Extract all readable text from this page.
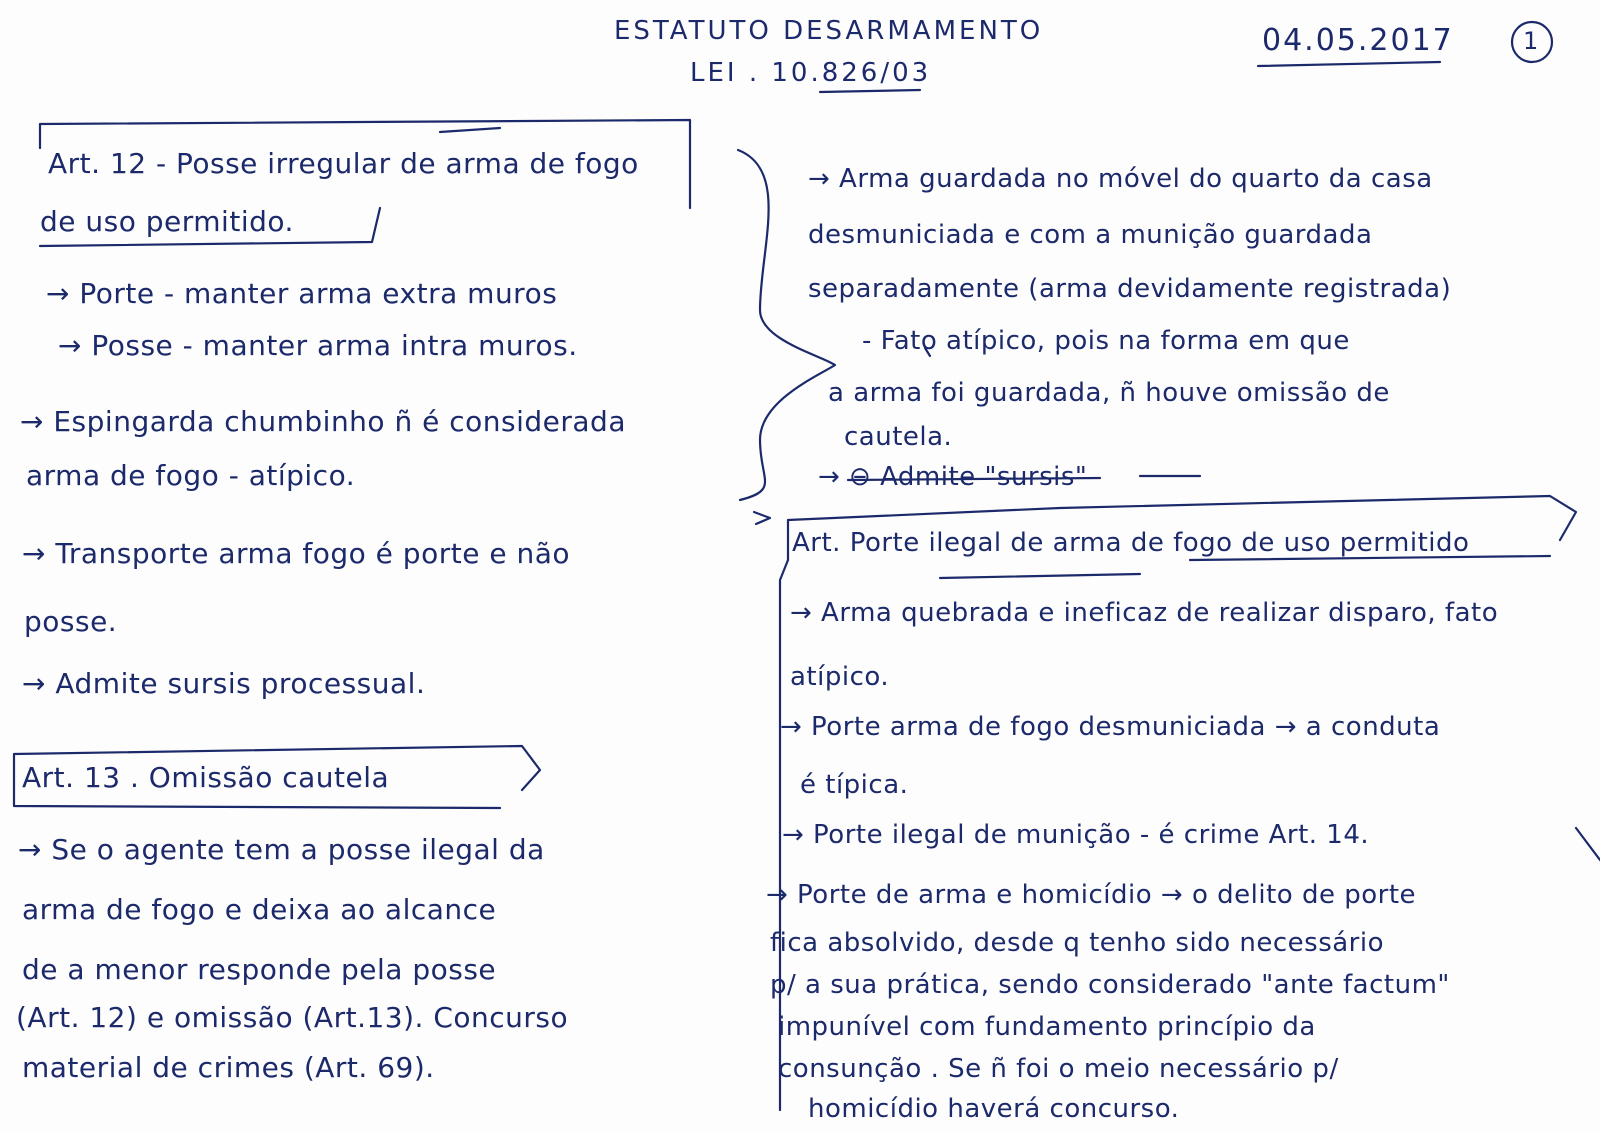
ESTATUTO DESARMAMENTO
LEI . 10.826/03
04.05.2017	1
Art. 12 - Posse irregular de arma de fogo
de uso permitido.
→ Porte - manter arma extra muros
→ Posse - manter arma intra muros.
→ Espingarda chumbinho ñ é considerada
arma de fogo - atípico.
→ Transporte arma fogo é porte e não
posse.
→ Admite sursis processual.
Art. 13 . Omissão cautela
→ Se o agente tem a posse ilegal da
arma de fogo e deixa ao alcance
de a menor responde pela posse
(Art. 12) e omissão (Art.13). Concurso
material de crimes (Art. 69).
→ Arma guardada no móvel do quarto da casa
desmuniciada e com a munição guardada
separadamente (arma devidamente registrada)
- Fato atípico, pois na forma em que
a arma foi guardada, ñ houve omissão de
cautela.
→ ⊖ Admite "sursis"
Art. Porte ilegal de arma de fogo de uso permitido
→ Arma quebrada e ineficaz de realizar disparo, fato
atípico.
→ Porte arma de fogo desmuniciada → a conduta
é típica.
→ Porte ilegal de munição - é crime Art. 14.
→ Porte de arma e homicídio → o delito de porte
fica absolvido, desde q tenho sido necessário
p/ a sua prática, sendo considerado "ante factum"
impunível com fundamento princípio da
consunção . Se ñ foi o meio necessário p/
homicídio haverá concurso.
